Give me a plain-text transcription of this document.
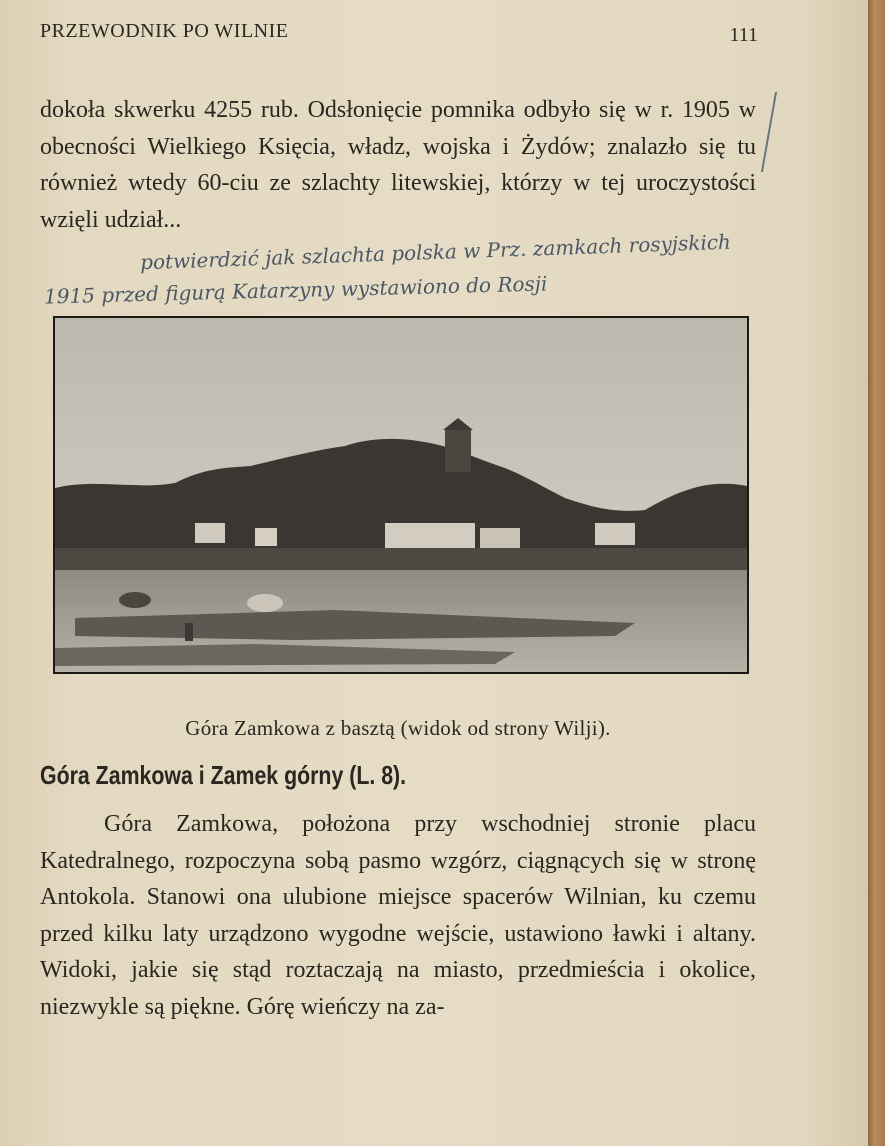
PRZEWODNIK PO WILNIE	111

dokoła skwerku 4255 rub. Odsłonięcie pomnika odbyło się w r. 1905 w obecności Wielkiego Księcia, władz, wojska i Żydów; znalazło się tu również wtedy 60-ciu ze szlachty litewskiej, którzy w tej uroczystości wzięli udział...

potwierdzić jak szlachta polska w Prz. zamkach rosyjskich
1915 przed figurą Katarzyny wystawiono do Rosji
Góra Zamkowa z basztą (widok od strony Wilji).
Góra Zamkowa i Zamek górny (L. 8).

Góra Zamkowa, położona przy wschodniej stronie placu Katedralnego, rozpoczyna sobą pasmo wzgórz, ciągnących się w stronę Antokola. Stanowi ona ulubione miejsce spacerów Wilnian, ku czemu przed kilku laty urządzono wygodne wejście, ustawiono ławki i altany. Widoki, jakie się stąd roztaczają na miasto, przedmieścia i okolice, niezwykle są piękne. Górę wieńczy na za-
